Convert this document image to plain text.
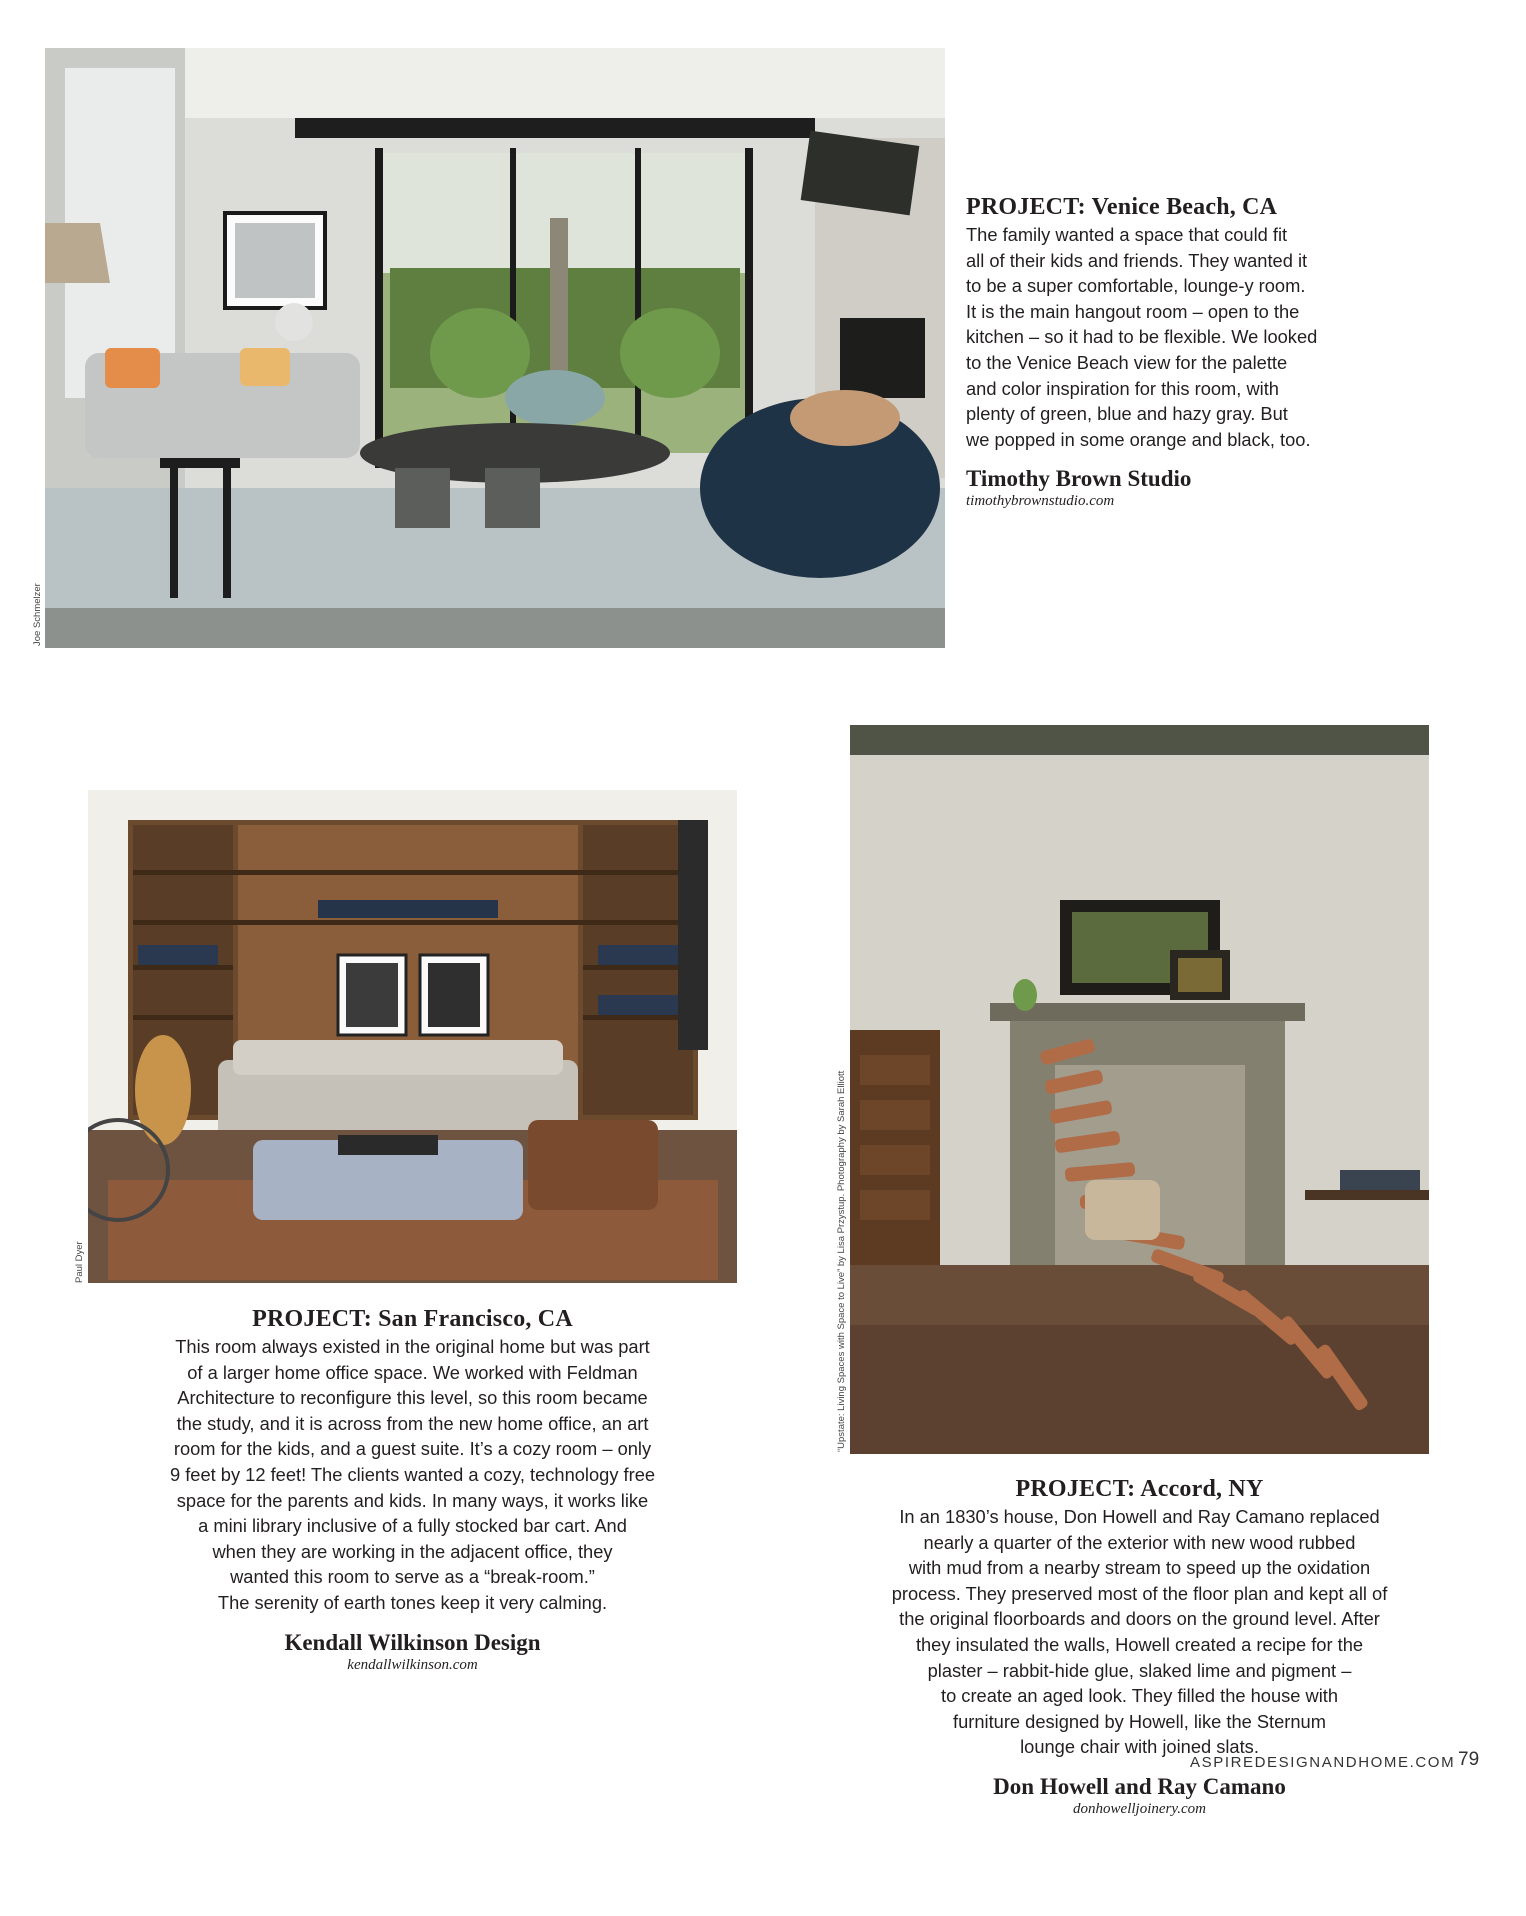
Joe Schmelzer
PROJECT: Venice Beach, CA
The family wanted a space that could fit
all of their kids and friends. They wanted it
to be a super comfortable, lounge-y room.
It is the main hangout room – open to the
kitchen – so it had to be flexible. We looked
to the Venice Beach view for the palette
and color inspiration for this room, with
plenty of green, blue and hazy gray. But
we popped in some orange and black, too.
Timothy Brown Studio
timothybrownstudio.com
Paul Dyer
PROJECT: San Francisco, CA
This room always existed in the original home but was part
of a larger home office space. We worked with Feldman
Architecture to reconfigure this level, so this room became
the study, and it is across from the new home office, an art
room for the kids, and a guest suite. It’s a cozy room – only
9 feet by 12 feet! The clients wanted a cozy, technology free
space for the parents and kids. In many ways, it works like
a mini library inclusive of a fully stocked bar cart. And
when they are working in the adjacent office, they
wanted this room to serve as a “break-room.”
The serenity of earth tones keep it very calming.
Kendall Wilkinson Design
kendallwilkinson.com
“Upstate: Living Spaces with Space to Live” by Lisa Przystup. Photography by Sarah Elliott
PROJECT: Accord, NY
In an 1830’s house, Don Howell and Ray Camano replaced
nearly a quarter of the exterior with new wood rubbed
with mud from a nearby stream to speed up the oxidation
process. They preserved most of the floor plan and kept all of
the original floorboards and doors on the ground level. After
they insulated the walls, Howell created a recipe for the
plaster – rabbit-hide glue, slaked lime and pigment –
to create an aged look. They filled the house with
furniture designed by Howell, like the Sternum
lounge chair with joined slats.
Don Howell and Ray Camano
donhowelljoinery.com
ASPIREDESIGNANDHOME.COM 79
